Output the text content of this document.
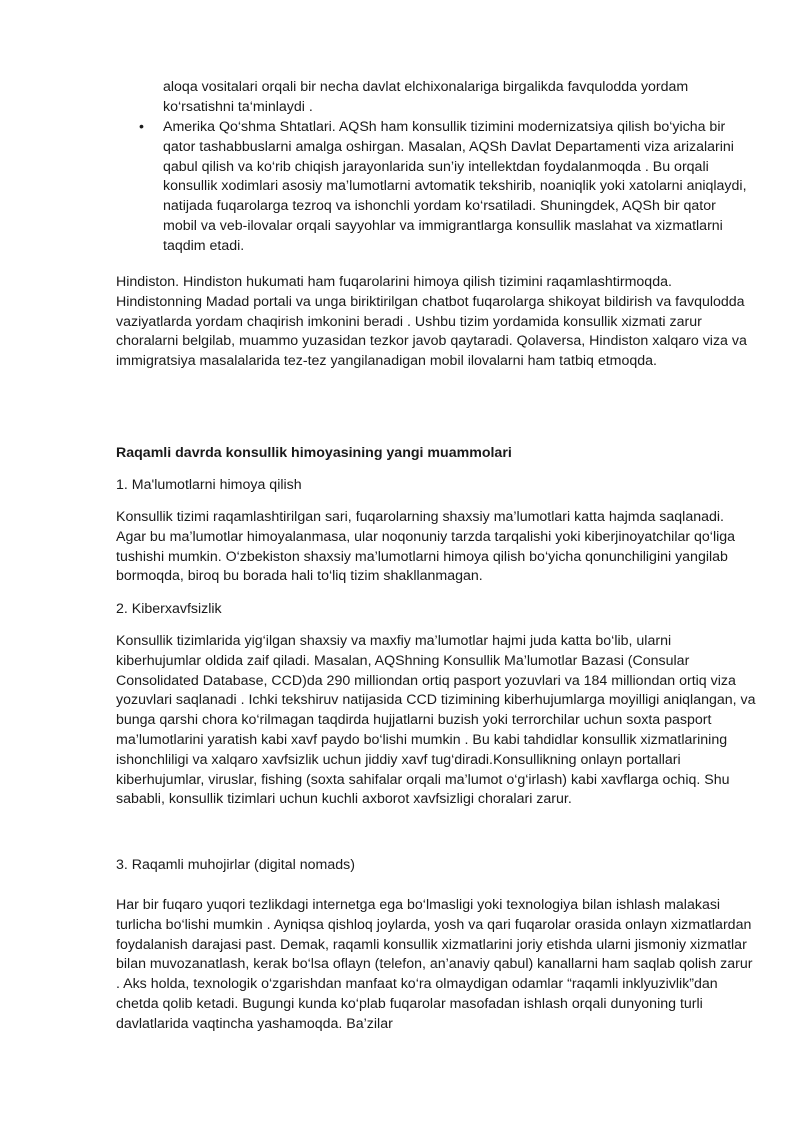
aloqa vositalari orqali bir necha davlat elchixonalariga birgalikda favqulodda yordam ko‘rsatishni ta‘minlaydi .

• Amerika Qo‘shma Shtatlari. AQSh ham konsullik tizimini modernizatsiya qilish bo‘yicha bir qator tashabbuslarni amalga oshirgan. Masalan, AQSh Davlat Departamenti viza arizalarini qabul qilish va ko‘rib chiqish jarayonlarida sun’iy intellektdan foydalanmoqda . Bu orqali konsullik xodimlari asosiy ma’lumotlarni avtomatik tekshirib, noaniqlik yoki xatolarni aniqlaydi, natijada fuqarolarga tezroq va ishonchli yordam ko‘rsatiladi. Shuningdek, AQSh bir qator mobil va veb-ilovalar orqali sayyohlar va immigrantlarga konsullik maslahat va xizmatlarni taqdim etadi.

Hindiston. Hindiston hukumati ham fuqarolarini himoya qilish tizimini raqamlashtirmoqda. Hindistonning Madad portali va unga biriktirilgan chatbot fuqarolarga shikoyat bildirish va favqulodda vaziyatlarda yordam chaqirish imkonini beradi . Ushbu tizim yordamida konsullik xizmati zarur choralarni belgilab, muammo yuzasidan tezkor javob qaytaradi. Qolaversa, Hindiston xalqaro viza va immigratsiya masalalarida tez-tez yangilanadigan mobil ilovalarni ham tatbiq etmoqda.

Raqamli davrda konsullik himoyasining yangi muammolari

1. Ma'lumotlarni himoya qilish

Konsullik tizimi raqamlashtirilgan sari, fuqarolarning shaxsiy ma’lumotlari katta hajmda saqlanadi. Agar bu ma’lumotlar himoyalanmasa, ular noqonuniy tarzda tarqalishi yoki kiberjinoyatchilar qo‘liga tushishi mumkin. O‘zbekiston shaxsiy ma’lumotlarni himoya qilish bo‘yicha qonunchiligini yangilab bormoqda, biroq bu borada hali to‘liq tizim shakllanmagan.

2. Kiberxavfsizlik

Konsullik tizimlarida yig‘ilgan shaxsiy va maxfiy ma’lumotlar hajmi juda katta bo‘lib, ularni kiberhujumlar oldida zaif qiladi. Masalan, AQShning Konsullik Ma’lumotlar Bazasi (Consular Consolidated Database, CCD)da 290 milliondan ortiq pasport yozuvlari va 184 milliondan ortiq viza yozuvlari saqlanadi . Ichki tekshiruv natijasida CCD tizimining kiberhujumlarga moyilligi aniqlangan, va bunga qarshi chora ko‘rilmagan taqdirda hujjatlarni buzish yoki terrorchilar uchun soxta pasport ma’lumotlarini yaratish kabi xavf paydo bo‘lishi mumkin . Bu kabi tahdidlar konsullik xizmatlarining ishonchliligi va xalqaro xavfsizlik uchun jiddiy xavf tug‘diradi.Konsullikning onlayn portallari kiberhujumlar, viruslar, fishing (soxta sahifalar orqali ma’lumot o‘g‘irlash) kabi xavflarga ochiq. Shu sababli, konsullik tizimlari uchun kuchli axborot xavfsizligi choralari zarur.

3. Raqamli muhojirlar (digital nomads)

Har bir fuqaro yuqori tezlikdagi internetga ega bo‘lmasligi yoki texnologiya bilan ishlash malakasi turlicha bo‘lishi mumkin . Ayniqsa qishloq joylarda, yosh va qari fuqarolar orasida onlayn xizmatlardan foydalanish darajasi past. Demak, raqamli konsullik xizmatlarini joriy etishda ularni jismoniy xizmatlar bilan muvozanatlash, kerak bo‘lsa oflayn (telefon, an’anaviy qabul) kanallarni ham saqlab qolish zarur . Aks holda, texnologik o‘zgarishdan manfaat ko‘ra olmaydigan odamlar “raqamli inklyuzivlik”dan chetda qolib ketadi. Bugungi kunda ko‘plab fuqarolar masofadan ishlash orqali dunyoning turli davlatlarida vaqtincha yashamoqda. Ba’zilar
